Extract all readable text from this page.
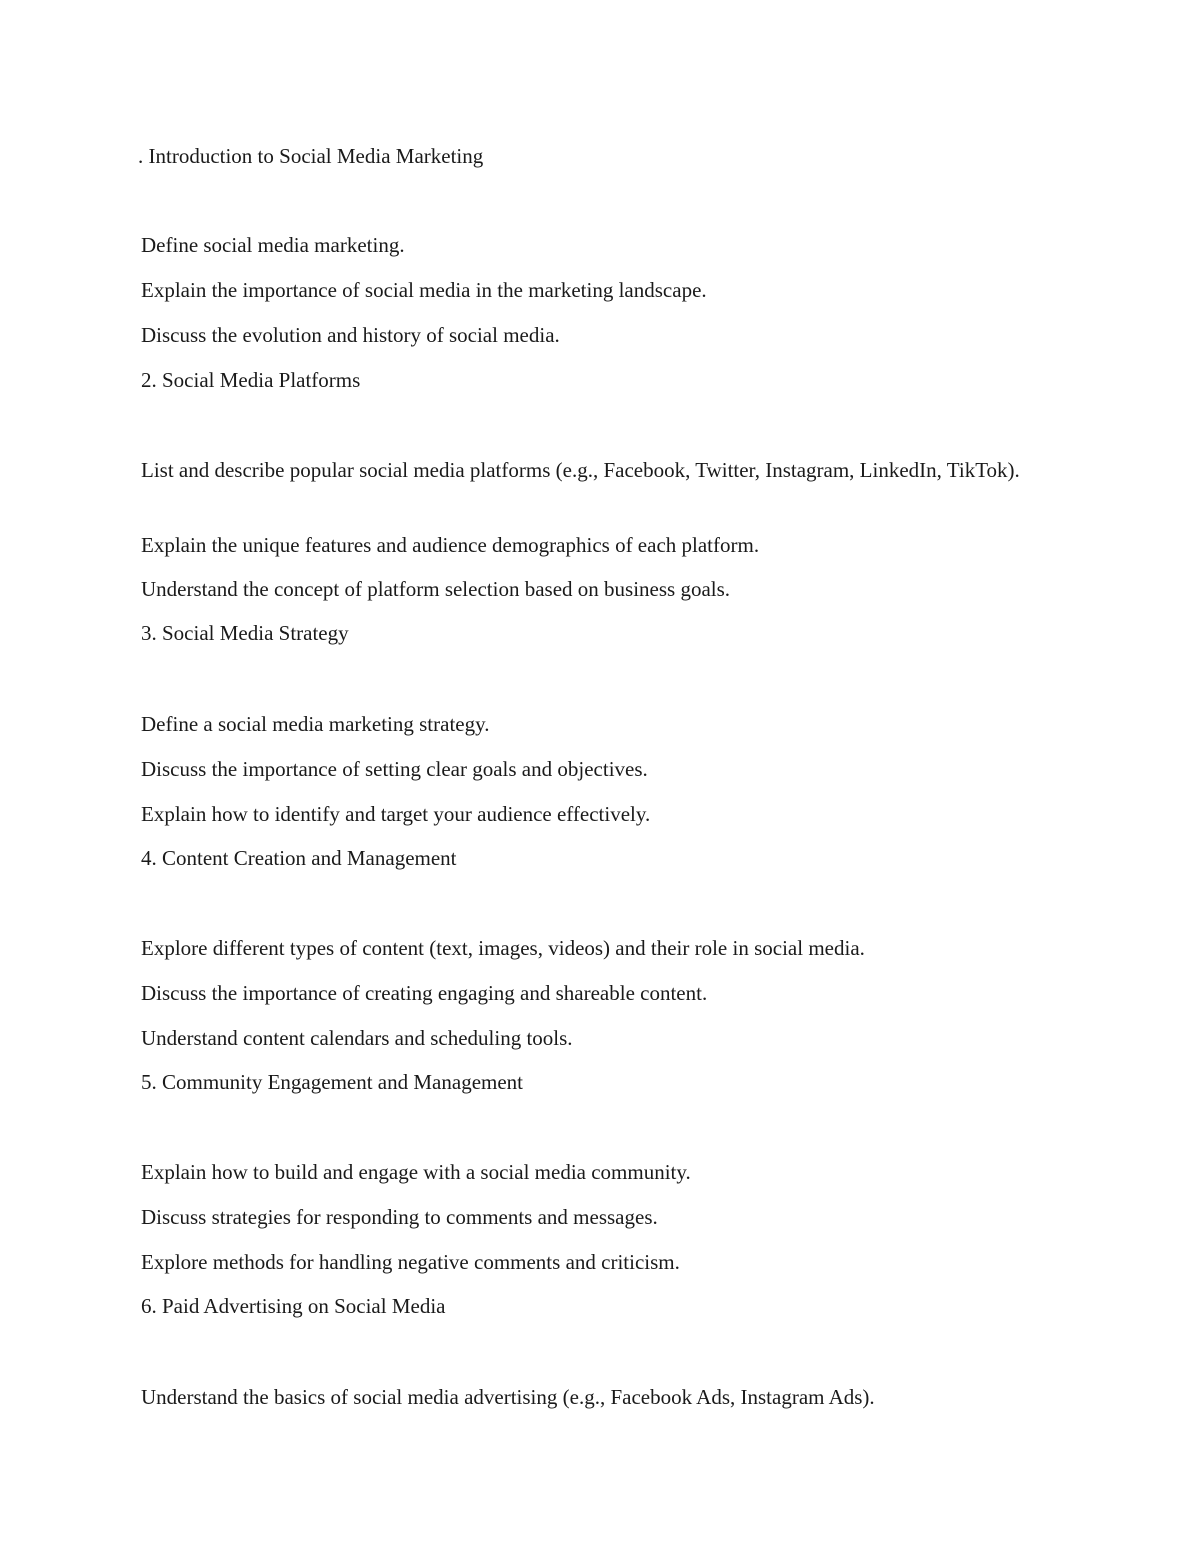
. Introduction to Social Media Marketing
Define social media marketing.
Explain the importance of social media in the marketing landscape.
Discuss the evolution and history of social media.
2. Social Media Platforms
List and describe popular social media platforms (e.g., Facebook, Twitter, Instagram, LinkedIn, TikTok).
Explain the unique features and audience demographics of each platform.
Understand the concept of platform selection based on business goals.
3. Social Media Strategy
Define a social media marketing strategy.
Discuss the importance of setting clear goals and objectives.
Explain how to identify and target your audience effectively.
4. Content Creation and Management
Explore different types of content (text, images, videos) and their role in social media.
Discuss the importance of creating engaging and shareable content.
Understand content calendars and scheduling tools.
5. Community Engagement and Management
Explain how to build and engage with a social media community.
Discuss strategies for responding to comments and messages.
Explore methods for handling negative comments and criticism.
6. Paid Advertising on Social Media
Understand the basics of social media advertising (e.g., Facebook Ads, Instagram Ads).
